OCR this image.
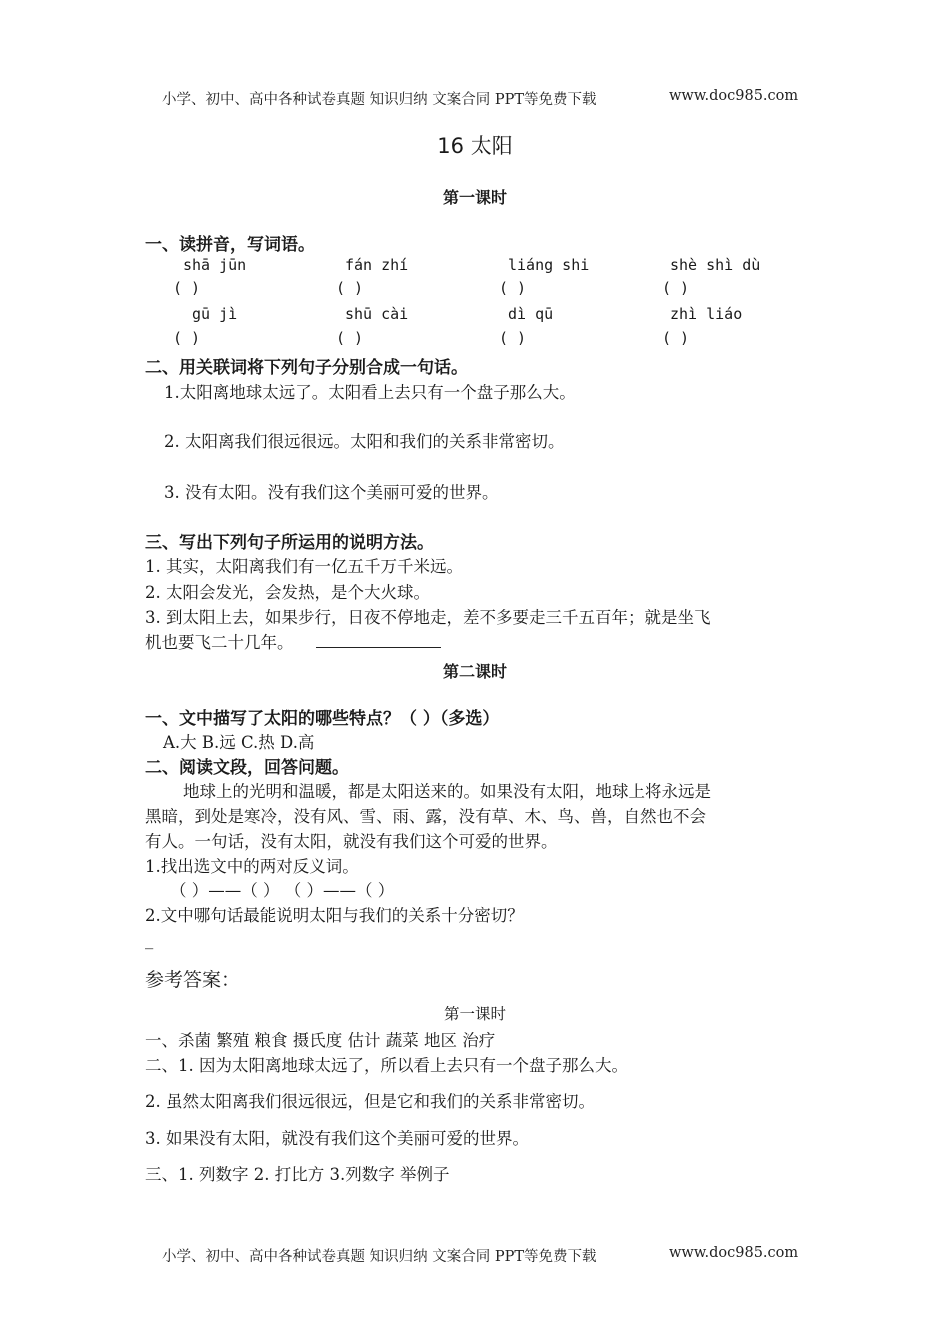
小学、初中、高中各种试卷真题 知识归纳 文案合同 PPT等免费下载	www.doc985.com
16 太阳
第一课时
一、读拼音，写词语。
shā jūn	fán zhí	liáng shi	shè shì dù
( )	( )	( )	( )
gū jì	shū cài	dì qū	zhì liáo
( )	( )	( )	( )
二、用关联词将下列句子分别合成一句话。
1.太阳离地球太远了。太阳看上去只有一个盘子那么大。
2. 太阳离我们很远很远。太阳和我们的关系非常密切。
3. 没有太阳。没有我们这个美丽可爱的世界。
三、写出下列句子所运用的说明方法。
1. 其实，太阳离我们有一亿五千万千米远。
2. 太阳会发光，会发热，是个大火球。
3. 到太阳上去，如果步行，日夜不停地走，差不多要走三千五百年；就是坐飞
机也要飞二十几年。
第二课时
一、文中描写了太阳的哪些特点？（ ）（多选）
A.大 B.远 C.热 D.高
二、阅读文段，回答问题。
地球上的光明和温暖，都是太阳送来的。如果没有太阳，地球上将永远是
黑暗，到处是寒冷，没有风、雪、雨、露，没有草、木、鸟、兽，自然也不会
有人。一句话，没有太阳，就没有我们这个可爱的世界。
1.找出选文中的两对反义词。
（ ）——（ ） （ ）——（ ）
2.文中哪句话最能说明太阳与我们的关系十分密切？
_
参考答案：
第一课时
一、杀菌 繁殖 粮食 摄氏度 估计 蔬菜 地区 治疗
二、1. 因为太阳离地球太远了，所以看上去只有一个盘子那么大。
2. 虽然太阳离我们很远很远，但是它和我们的关系非常密切。
3. 如果没有太阳，就没有我们这个美丽可爱的世界。
三、1. 列数字 2. 打比方 3.列数字 举例子
小学、初中、高中各种试卷真题 知识归纳 文案合同 PPT等免费下载	www.doc985.com
